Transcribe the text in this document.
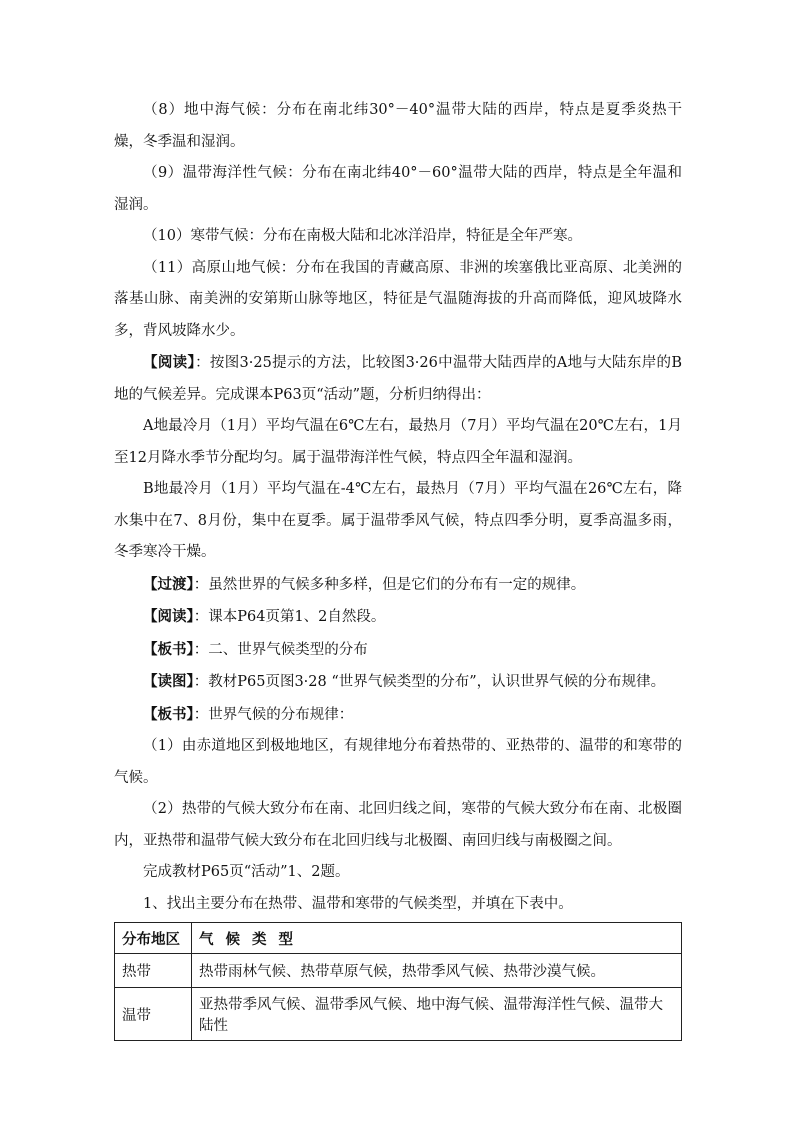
（8）地中海气候：分布在南北纬30°－40°温带大陆的西岸，特点是夏季炎热干燥，冬季温和湿润。

（9）温带海洋性气候：分布在南北纬40°－60°温带大陆的西岸，特点是全年温和湿润。

（10）寒带气候：分布在南极大陆和北冰洋沿岸，特征是全年严寒。

（11）高原山地气候：分布在我国的青藏高原、非洲的埃塞俄比亚高原、北美洲的落基山脉、南美洲的安第斯山脉等地区，特征是气温随海拔的升高而降低，迎风坡降水多，背风坡降水少。

【阅读】：按图3·25提示的方法，比较图3·26中温带大陆西岸的A地与大陆东岸的B地的气候差异。完成课本P63页“活动”题，分析归纳得出：

A地最冷月（1月）平均气温在6℃左右，最热月（7月）平均气温在20℃左右，1月至12月降水季节分配均匀。属于温带海洋性气候，特点四全年温和湿润。

B地最冷月（1月）平均气温在-4℃左右，最热月（7月）平均气温在26℃左右，降水集中在7、8月份，集中在夏季。属于温带季风气候，特点四季分明，夏季高温多雨，冬季寒冷干燥。

【过渡】：虽然世界的气候多种多样，但是它们的分布有一定的规律。

【阅读】：课本P64页第1、2自然段。

【板书】：二、世界气候类型的分布

【读图】：教材P65页图3·28 “世界气候类型的分布”，认识世界气候的分布规律。

【板书】：世界气候的分布规律：

（1）由赤道地区到极地地区，有规律地分布着热带的、亚热带的、温带的和寒带的气候。

（2）热带的气候大致分布在南、北回归线之间，寒带的气候大致分布在南、北极圈内，亚热带和温带气候大致分布在北回归线与北极圈、南回归线与南极圈之间。

完成教材P65页“活动”1、2题。

1、找出主要分布在热带、温带和寒带的气候类型，并填在下表中。

分布地区	气候类型
热带	热带雨林气候、热带草原气候，热带季风气候、热带沙漠气候。
温带	亚热带季风气候、温带季风气候、地中海气候、温带海洋性气候、温带大陆性
